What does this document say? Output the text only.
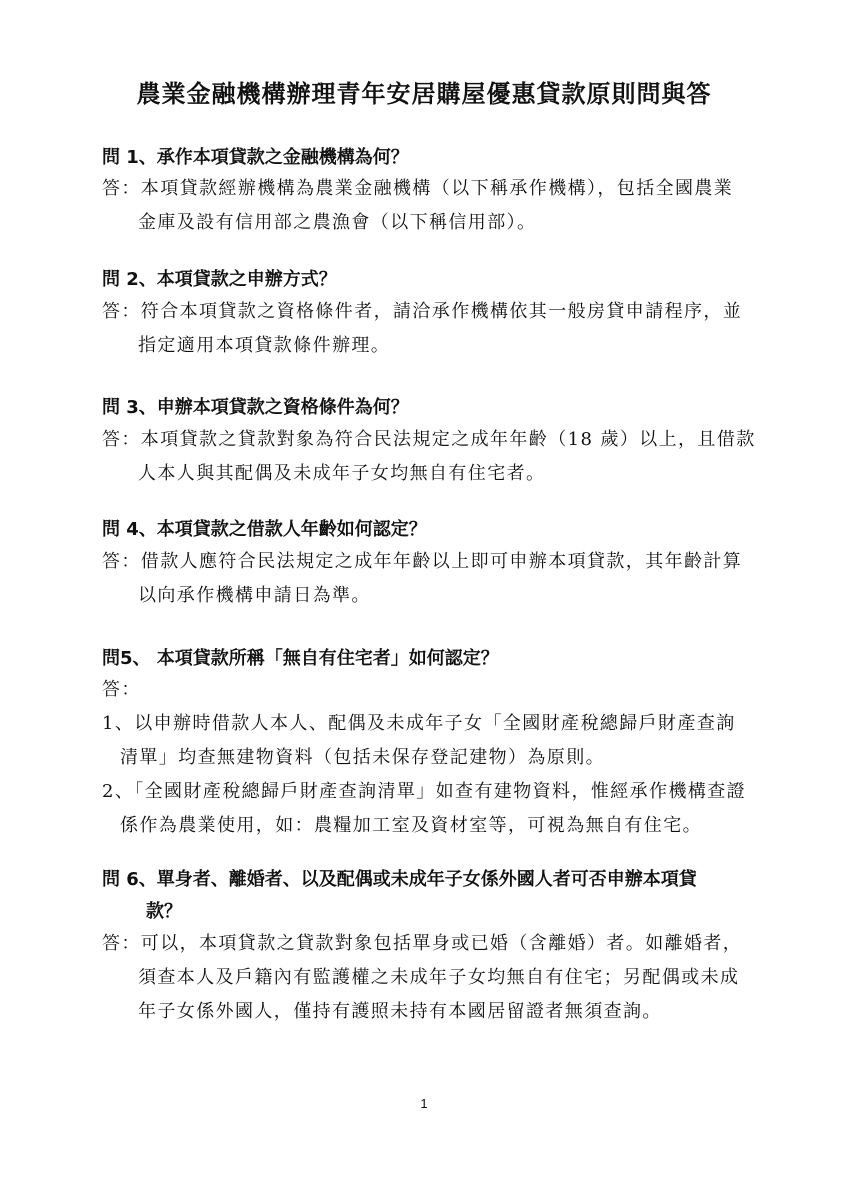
農業金融機構辦理青年安居購屋優惠貸款原則問與答
問 1、承作本項貸款之金融機構為何？
答：本項貸款經辦機構為農業金融機構（以下稱承作機構），包括全國農業
金庫及設有信用部之農漁會（以下稱信用部）。
問 2、本項貸款之申辦方式？
答：符合本項貸款之資格條件者，請洽承作機構依其一般房貸申請程序，並
指定適用本項貸款條件辦理。
問 3、申辦本項貸款之資格條件為何？
答：本項貸款之貸款對象為符合民法規定之成年年齡（18 歲）以上，且借款
人本人與其配偶及未成年子女均無自有住宅者。
問 4、本項貸款之借款人年齡如何認定？
答：借款人應符合民法規定之成年年齡以上即可申辦本項貸款，其年齡計算
以向承作機構申請日為準。
問5、 本項貸款所稱「無自有住宅者」如何認定？
答：
1、以申辦時借款人本人、配偶及未成年子女「全國財產稅總歸戶財產查詢
清單」均查無建物資料（包括未保存登記建物）為原則。
2、「全國財產稅總歸戶財產查詢清單」如查有建物資料，惟經承作機構查證
係作為農業使用，如：農糧加工室及資材室等，可視為無自有住宅。
問 6、單身者、離婚者、以及配偶或未成年子女係外國人者可否申辦本項貸
款？
答：可以，本項貸款之貸款對象包括單身或已婚（含離婚）者。如離婚者，
須查本人及戶籍內有監護權之未成年子女均無自有住宅；另配偶或未成
年子女係外國人，僅持有護照未持有本國居留證者無須查詢。
1
